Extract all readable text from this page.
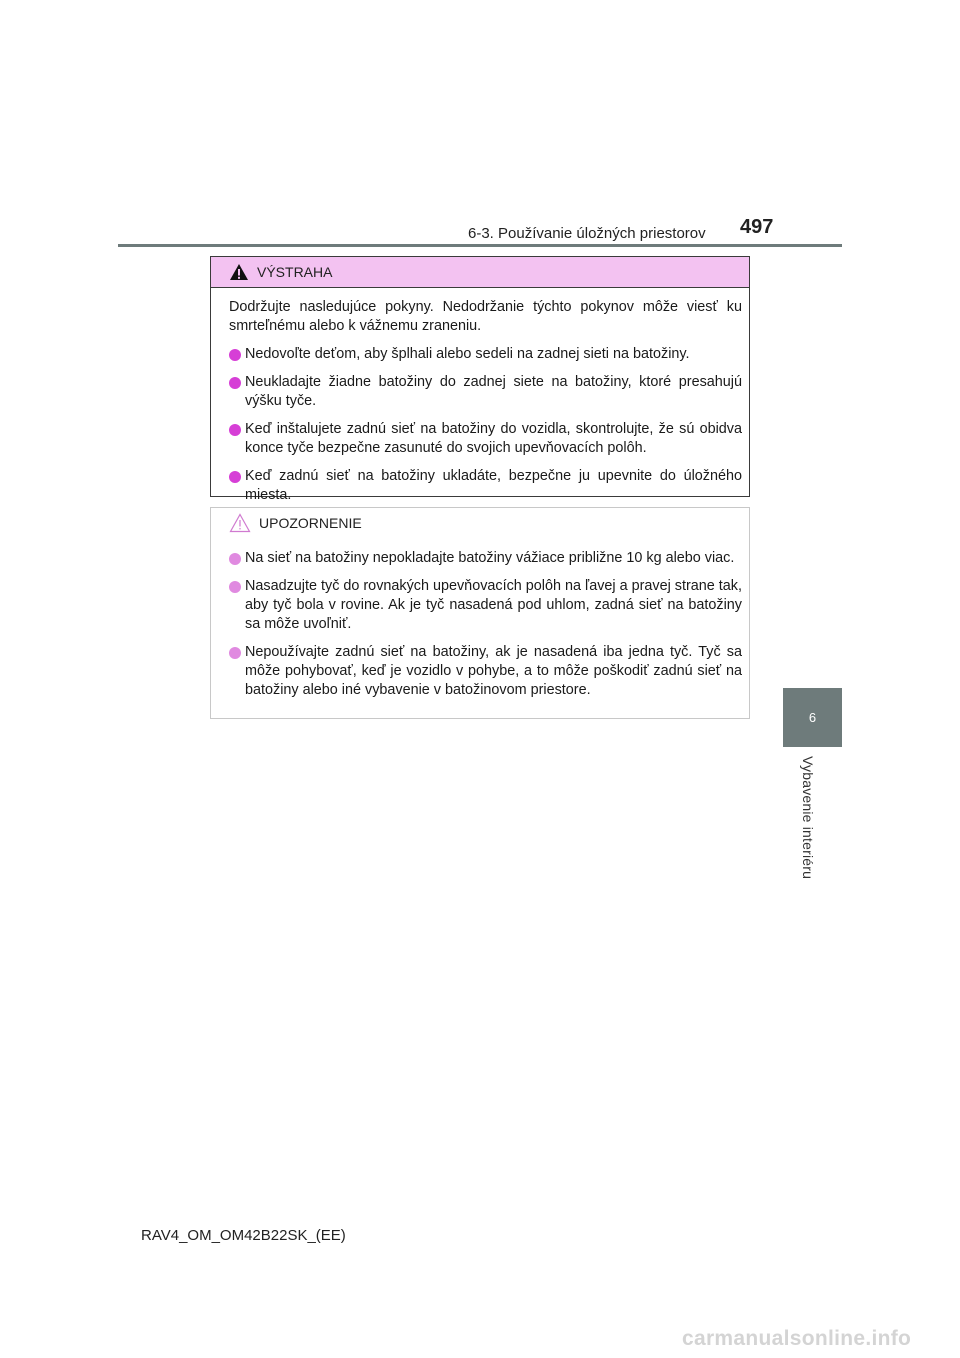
6-3. Používanie úložných priestorov 497
6
Vybavenie interiéru
VÝSTRAHA

Dodržujte nasledujúce pokyny. Nedodržanie týchto pokynov môže viesť ku smrteľnému alebo k vážnemu zraneniu.

Nedovoľte deťom, aby šplhali alebo sedeli na zadnej sieti na batožiny.
Neukladajte žiadne batožiny do zadnej siete na batožiny, ktoré presahujú výšku tyče.
Keď inštalujete zadnú sieť na batožiny do vozidla, skontrolujte, že sú obidva konce tyče bezpečne zasunuté do svojich upevňovacích polôh.
Keď zadnú sieť na batožiny ukladáte, bezpečne ju upevnite do úložného miesta.
UPOZORNENIE
Na sieť na batožiny nepokladajte batožiny vážiace približne 10 kg alebo viac.
Nasadzujte tyč do rovnakých upevňovacích polôh na ľavej a pravej strane tak, aby tyč bola v rovine. Ak je tyč nasadená pod uhlom, zadná sieť na batožiny sa môže uvoľniť.
Nepoužívajte zadnú sieť na batožiny, ak je nasadená iba jedna tyč. Tyč sa môže pohybovať, keď je vozidlo v pohybe, a to môže poškodiť zadnú sieť na batožiny alebo iné vybavenie v batožinovom priestore.
RAV4_OM_OM42B22SK_(EE)
carmanualsonline.info
